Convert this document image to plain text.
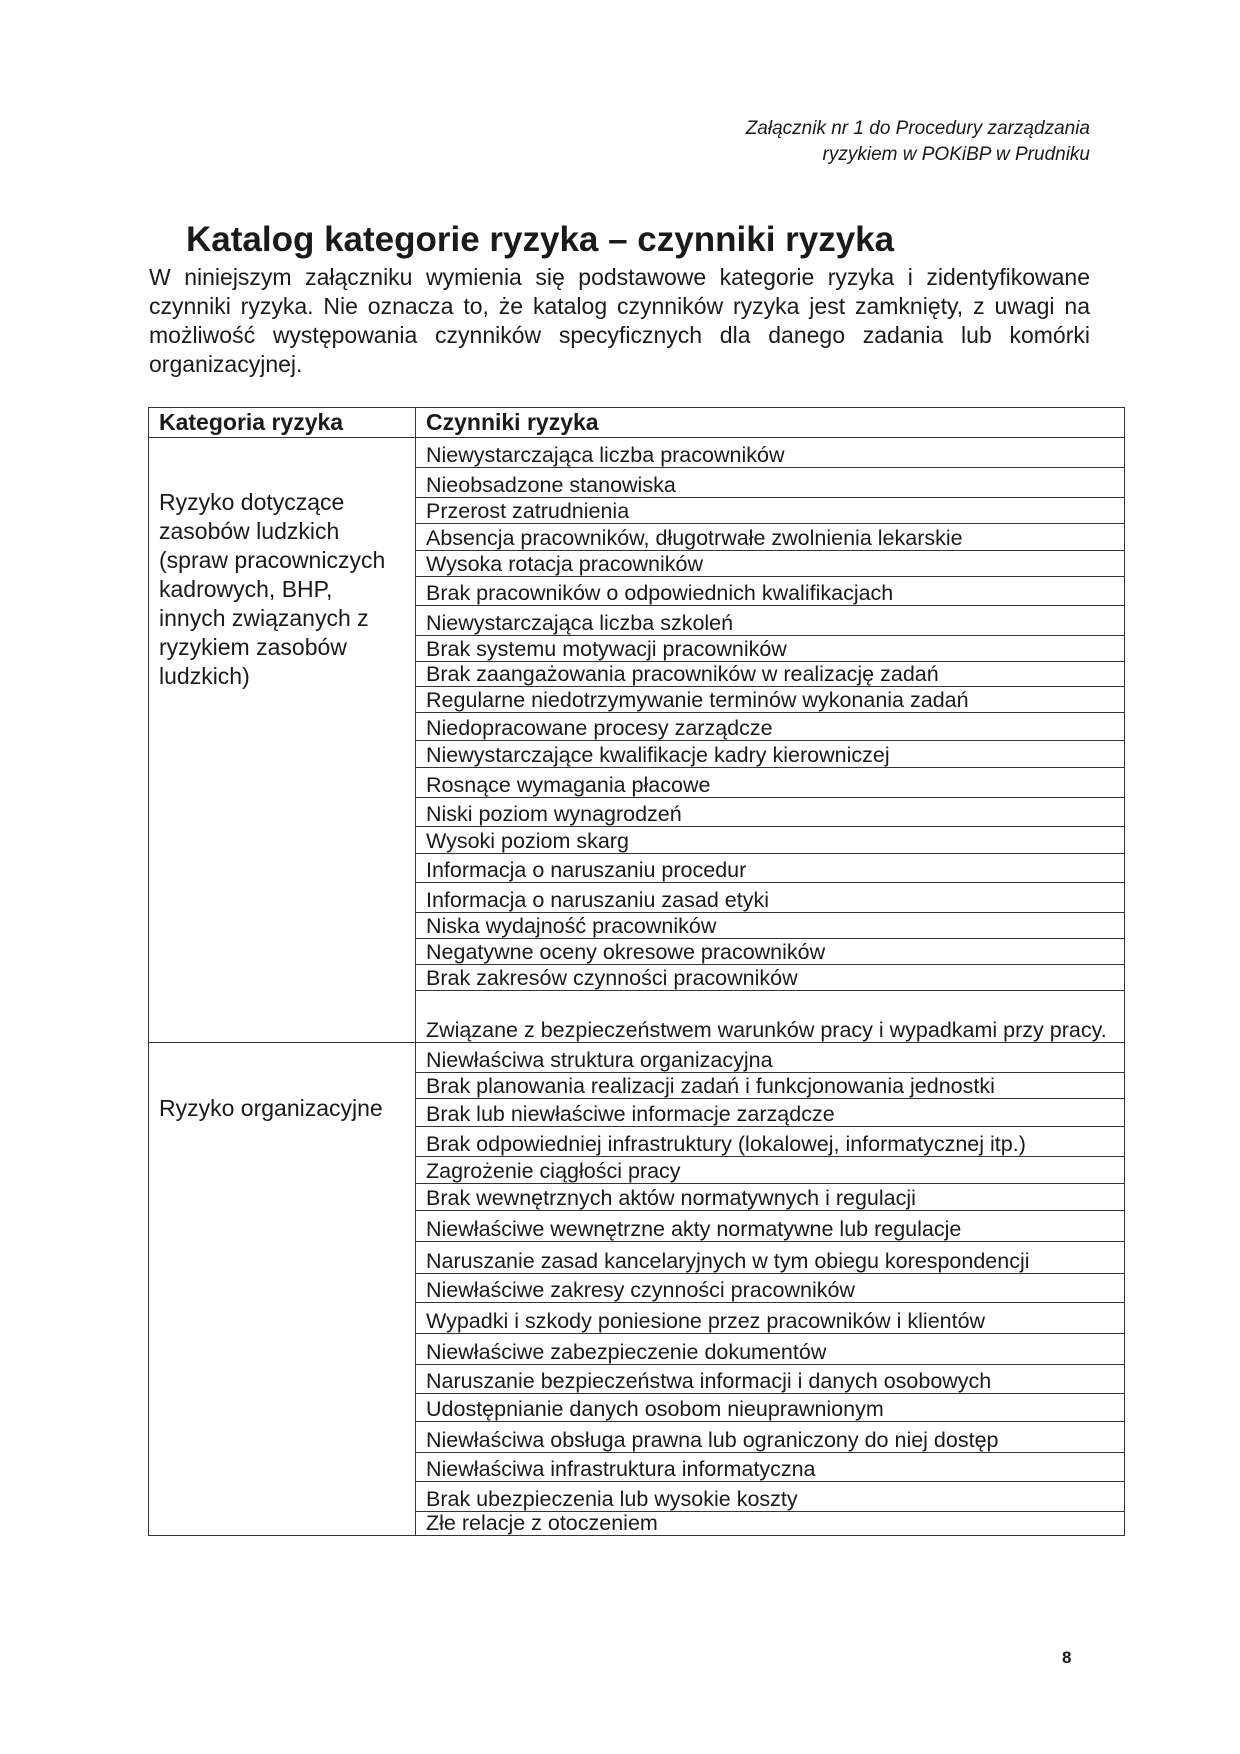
Załącznik nr 1 do Procedury zarządzania
ryzykiem w POKiBP w Prudniku
Katalog kategorie ryzyka – czynniki ryzyka

W niniejszym załączniku wymienia się podstawowe kategorie ryzyka i zidentyfikowane czynniki ryzyka. Nie oznacza to, że katalog czynników ryzyka jest zamknięty, z uwagi na możliwość występowania czynników specyficznych dla danego zadania lub komórki organizacyjnej.

Kategoria ryzyka	Czynniki ryzyka
Ryzyko dotyczące zasobów ludzkich (spraw pracowniczych kadrowych, BHP, innych związanych z ryzykiem zasobów ludzkich)	Niewystarczająca liczba pracowników
	Nieobsadzone stanowiska
	Przerost zatrudnienia
	Absencja pracowników, długotrwałe zwolnienia lekarskie
	Wysoka rotacja pracowników
	Brak pracowników o odpowiednich kwalifikacjach
	Niewystarczająca liczba szkoleń
	Brak systemu motywacji pracowników
	Brak zaangażowania pracowników w realizację zadań
	Regularne niedotrzymywanie terminów wykonania zadań
	Niedopracowane procesy zarządcze
	Niewystarczające kwalifikacje kadry kierowniczej
	Rosnące wymagania płacowe
	Niski poziom wynagrodzeń
	Wysoki poziom skarg
	Informacja o naruszaniu procedur
	Informacja o naruszaniu zasad etyki
	Niska wydajność pracowników
	Negatywne oceny okresowe pracowników
	Brak zakresów czynności pracowników
	Związane z bezpieczeństwem warunków pracy i wypadkami przy pracy.
Ryzyko organizacyjne	Niewłaściwa struktura organizacyjna
	Brak planowania realizacji zadań i funkcjonowania jednostki
	Brak lub niewłaściwe informacje zarządcze
	Brak odpowiedniej infrastruktury (lokalowej, informatycznej itp.)
	Zagrożenie ciągłości pracy
	Brak wewnętrznych aktów normatywnych i regulacji
	Niewłaściwe wewnętrzne akty normatywne lub regulacje
	Naruszanie zasad kancelaryjnych w tym obiegu korespondencji
	Niewłaściwe zakresy czynności pracowników
	Wypadki i szkody poniesione przez pracowników i klientów
	Niewłaściwe zabezpieczenie dokumentów
	Naruszanie bezpieczeństwa informacji i danych osobowych
	Udostępnianie danych osobom nieuprawnionym
	Niewłaściwa obsługa prawna lub ograniczony do niej dostęp
	Niewłaściwa infrastruktura informatyczna
	Brak ubezpieczenia lub wysokie koszty
	Złe relacje z otoczeniem
8
